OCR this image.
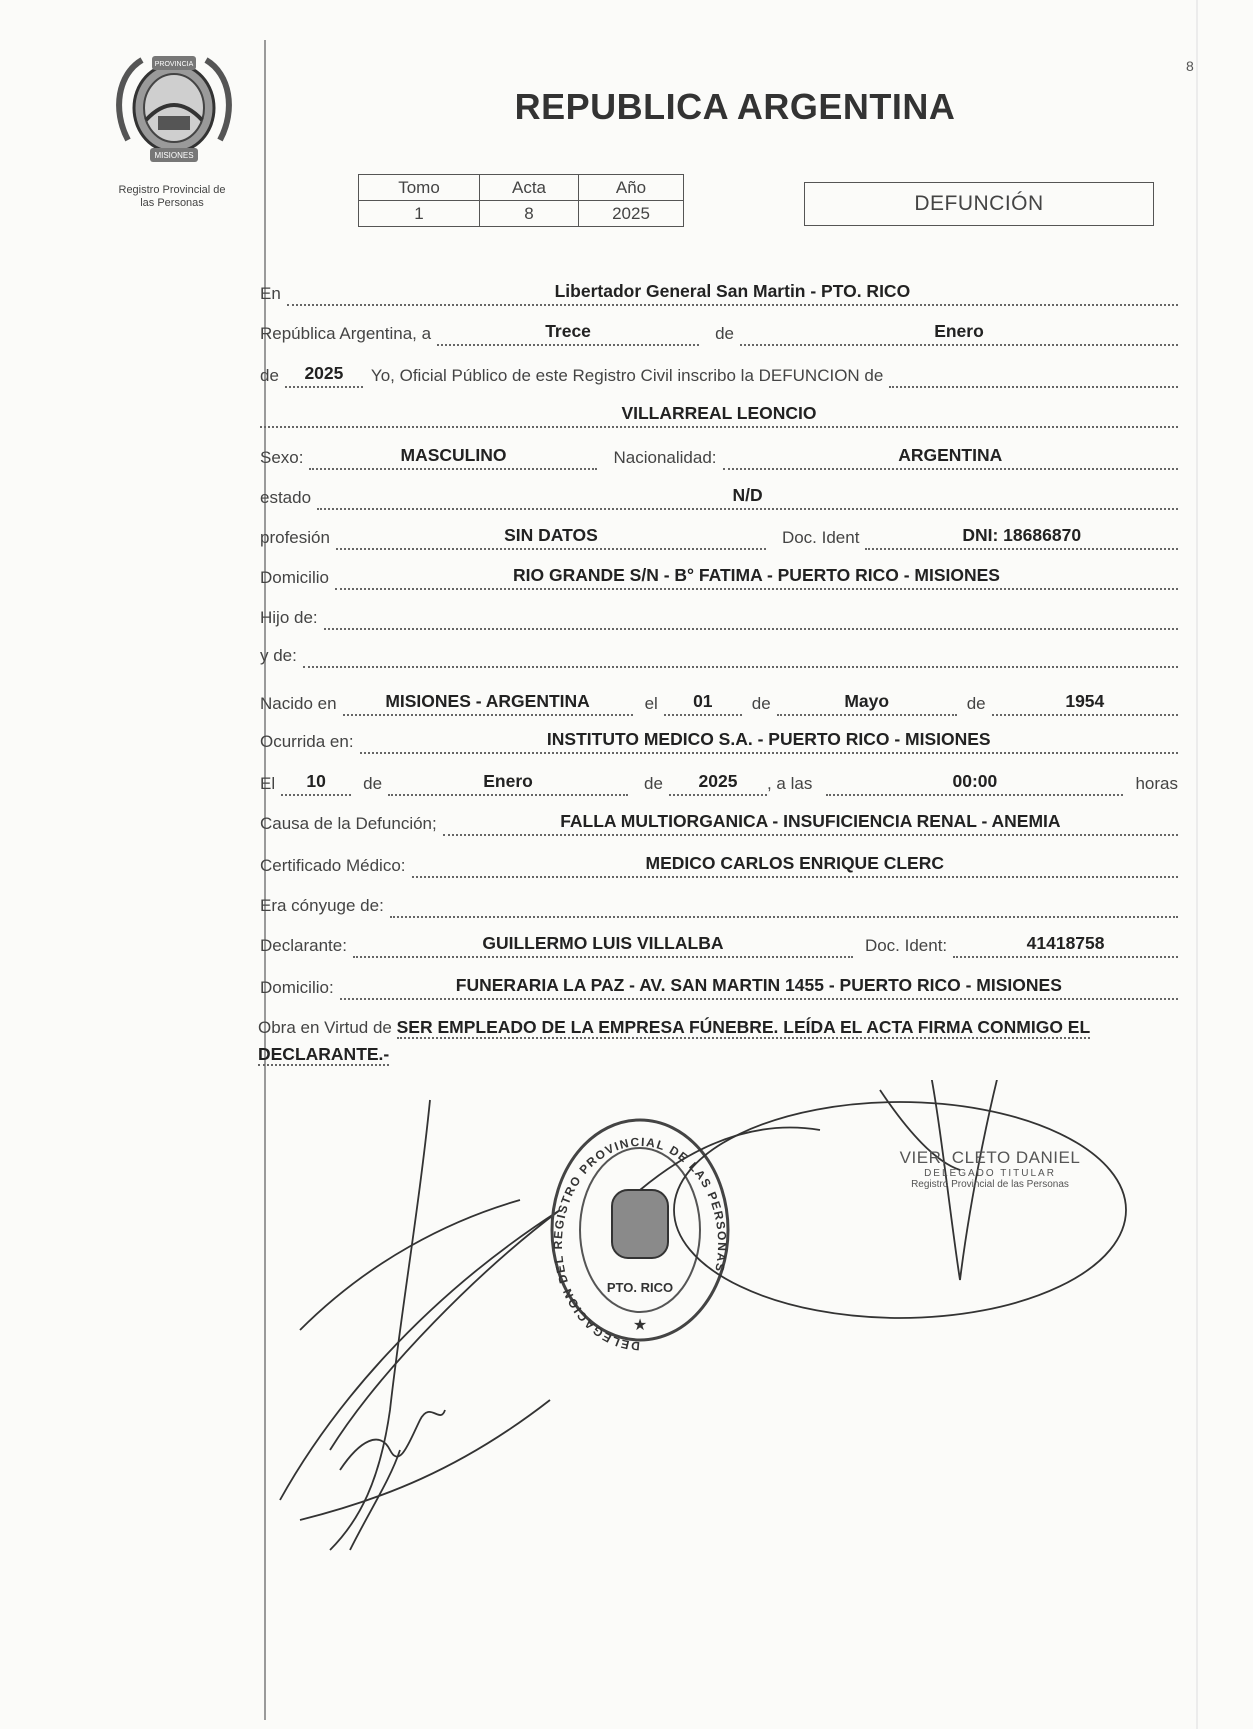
8
PROVINCIA
MISIONES
Registro Provincial de
las Personas
REPUBLICA ARGENTINA
Tomo	Acta	Año
1	8	2025	DEFUNCIÓN
En	Libertador General San Martin - PTO. RICO
República Argentina, a	Trece	de	Enero
de	2025	Yo, Oficial Público de este Registro Civil inscribo la DEFUNCION de
VILLARREAL LEONCIO
Sexo:	MASCULINO	Nacionalidad:	ARGENTINA
estado	N/D
profesión	SIN DATOS	Doc. Ident	DNI: 18686870
Domicilio	RIO GRANDE S/N - B° FATIMA - PUERTO RICO - MISIONES
Hijo de:
y de:
Nacido en	MISIONES - ARGENTINA	el	01	de	Mayo	de	1954
Ocurrida en:	INSTITUTO MEDICO S.A. - PUERTO RICO - MISIONES
El	10	de	Enero	de	2025	, a las	00:00	horas
Causa de la Defunción;	FALLA MULTIORGANICA - INSUFICIENCIA RENAL - ANEMIA
Certificado Médico:	MEDICO CARLOS ENRIQUE CLERC
Era cónyuge de:
Declarante:	GUILLERMO LUIS VILLALBA	Doc. Ident:	41418758
Domicilio:	FUNERARIA LA PAZ - AV. SAN MARTIN 1455 - PUERTO RICO - MISIONES
Obra en Virtud de SER EMPLEADO DE LA EMPRESA FÚNEBRE. LEÍDA EL ACTA FIRMA CONMIGO EL DECLARANTE.-
DELEGACION DEL REGISTRO PROVINCIAL DE LAS PERSONAS
PTO. RICO
★
VIER, CLETO DANIEL
DELEGADO TITULAR
Registro Provincial de las Personas
